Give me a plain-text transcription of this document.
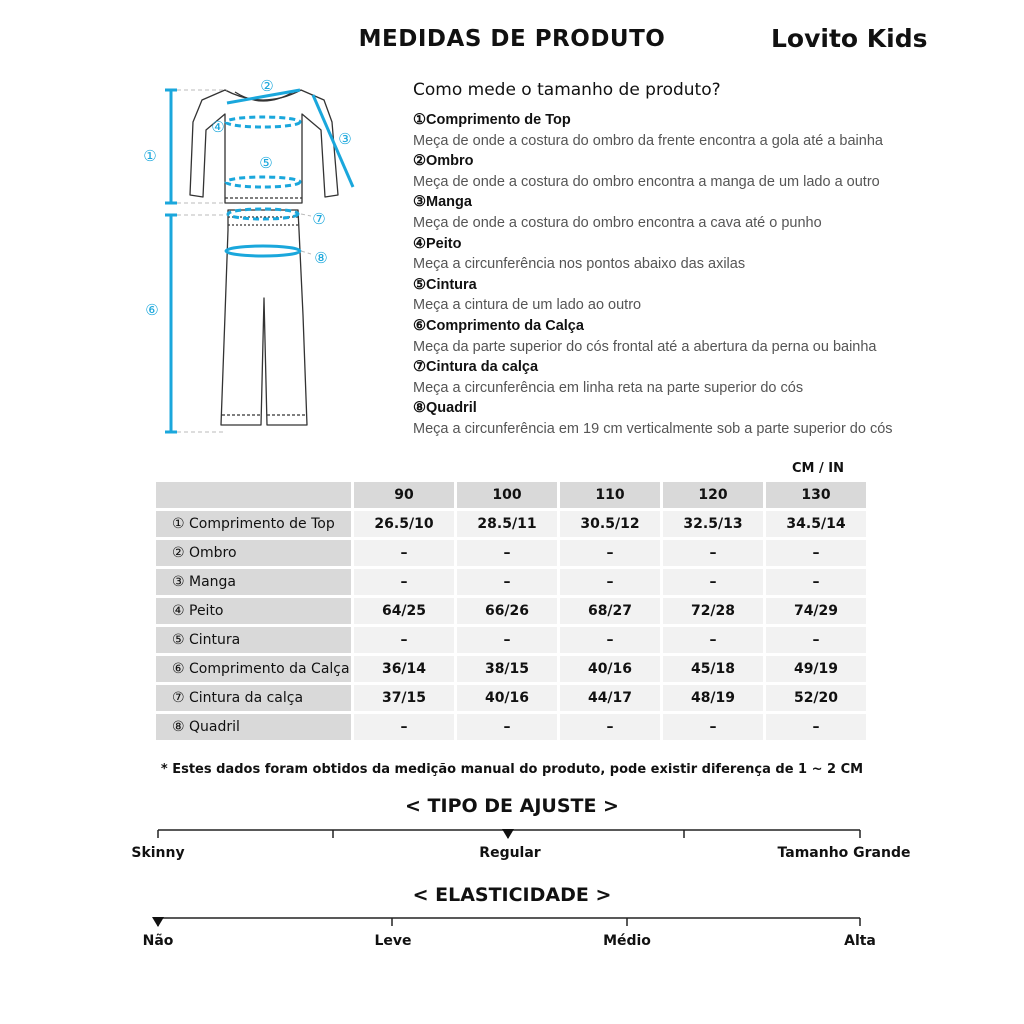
MEDIDAS DE PRODUTO	Lovito Kids
①
②
③
④
⑤
⑥
⑦
⑧
Como mede o tamanho de produto?
①Comprimento de Top
Meça de onde a costura do ombro da frente encontra a gola até a bainha
②Ombro
Meça de onde a costura do ombro encontra a manga de um lado a outro
③Manga
Meça de onde a costura do ombro encontra a cava até o punho
④Peito
Meça a circunferência nos pontos abaixo das axilas
⑤Cintura
Meça a cintura de um lado ao outro
⑥Comprimento da Calça
Meça da parte superior do cós frontal até a abertura da perna ou bainha
⑦Cintura da calça
Meça a circunferência em linha reta na parte superior do cós
⑧Quadril
Meça a circunferência em 19 cm verticalmente sob a parte superior do cós
CM / IN
	90	100	110	120	130
① Comprimento de Top	26.5/10	28.5/11	30.5/12	32.5/13	34.5/14
② Ombro	–	–	–	–	–
③ Manga	–	–	–	–	–
④ Peito	64/25	66/26	68/27	72/28	74/29
⑤ Cintura	–	–	–	–	–
⑥ Comprimento da Calça	36/14	38/15	40/16	45/18	49/19
⑦ Cintura da calça	37/15	40/16	44/17	48/19	52/20
⑧ Quadril	–	–	–	–	–
* Estes dados foram obtidos da medição manual do produto, pode existir diferença de 1 ~ 2 CM
< TIPO DE AJUSTE >
Skinny	Regular	Tamanho Grande
< ELASTICIDADE >
Não	Leve	Médio	Alta
